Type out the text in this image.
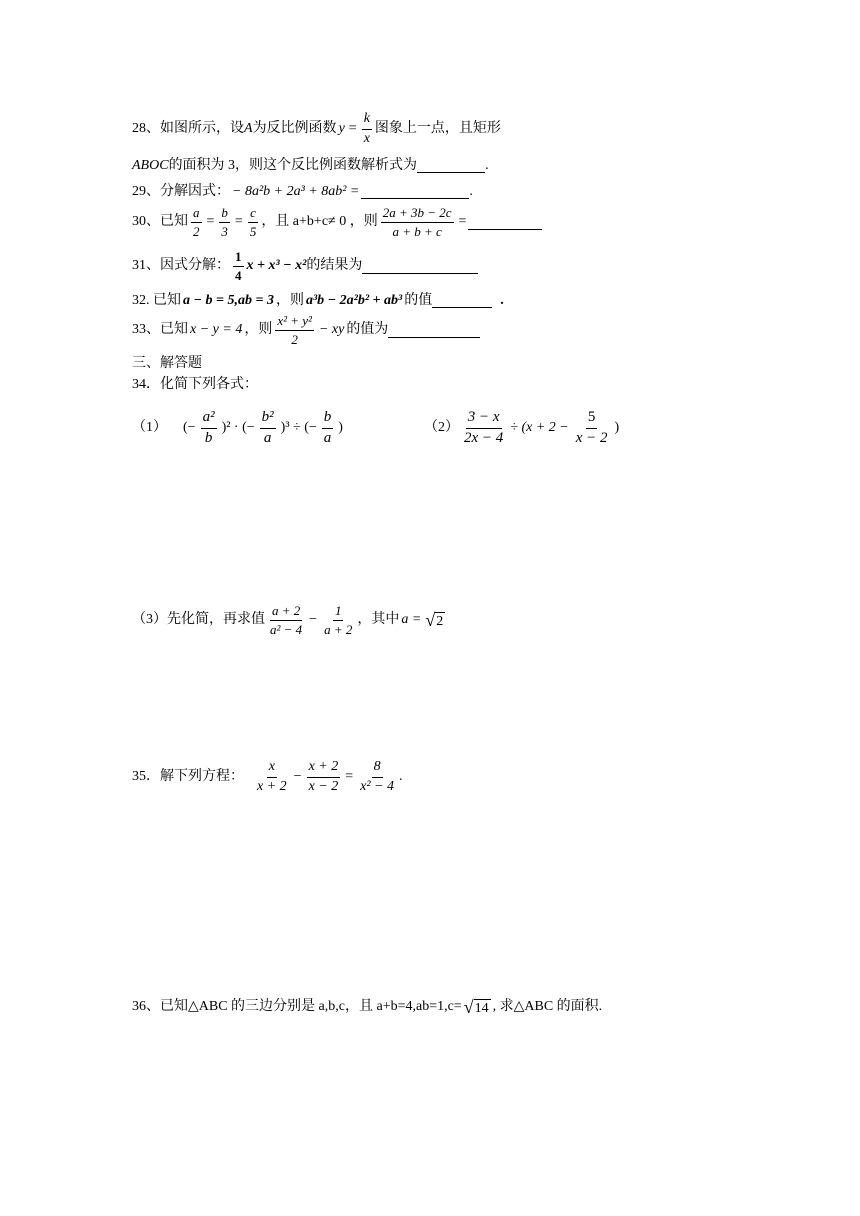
28、如图所示，设 A 为反比例函数 $y = \frac{k}{x}$ 图象上一点，且矩形
ABOC 的面积为 3，则这个反比例函数解析式为	.
29、分解因式： − 8a²b + 2a³ + 8ab² =	.
30、已知 $\frac{a}{2} = \frac{b}{3} = \frac{c}{5}$ ，且 a+b+c≠ 0 ，则 $\frac{2a + 3b - 2c}{a + b + c}$ =
31、因式分解： $\frac{1}{4}$ x + x³ − x² 的结果为
32. 已知 a − b = 5,ab = 3 ，则 a³b − 2a²b² + ab³ 的值	.
33、已知 x − y = 4 ，则 $\frac{\text{x² + y²}}{2}$ − xy 的值为
三、解答题
34．化简下列各式：
（1） (− $\frac{\text{a²}}{b} )^2$ · (− $\frac{\text{b²}}{a} )^3$ ÷ (− $\frac{b}{a}$ )	$(2) \frac{3 - x}{2x - 4} \div (x + 2 - \frac{5}{x - 2}$ )
（3）先化简，再求值 $\frac{a + 2}{\text{a² − 4}} - \frac{1}{a + 2}$ ，其中 a = √ 2
35．解下列方程： $\frac{x}{x + 2} - \frac{x + 2}{x - 2} = \frac{8}{\text{x² − 4}}$ .
36、已知△ABC 的三边分别是 a,b,c，且 a+b=4,ab=1,c= √ 14 , 求△ABC 的面积.
